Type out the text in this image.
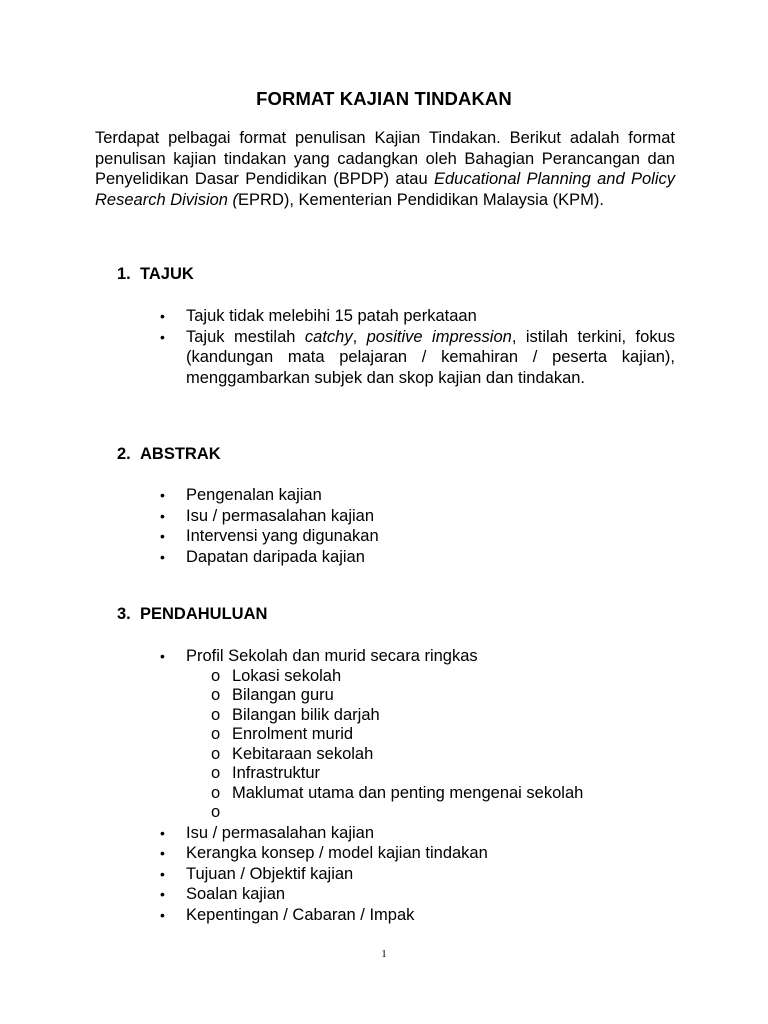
FORMAT KAJIAN TINDAKAN
Terdapat pelbagai format penulisan Kajian Tindakan. Berikut adalah format penulisan kajian tindakan yang cadangkan oleh Bahagian Perancangan dan Penyelidikan Dasar Pendidikan (BPDP) atau Educational Planning and Policy Research Division (EPRD), Kementerian Pendidikan Malaysia (KPM).
1. TAJUK
•	Tajuk tidak melebihi 15 patah perkataan
•	Tajuk mestilah catchy, positive impression, istilah terkini, fokus (kandungan mata pelajaran / kemahiran / peserta kajian), menggambarkan subjek dan skop kajian dan tindakan.
2. ABSTRAK
•	Pengenalan kajian
•	Isu / permasalahan kajian
•	Intervensi yang digunakan
•	Dapatan daripada kajian
3. PENDAHULUAN
•	Profil Sekolah dan murid secara ringkas
o Lokasi sekolah
o Bilangan guru
o Bilangan bilik darjah
o Enrolment murid
o Kebitaraan sekolah
o Infrastruktur
o Maklumat utama dan penting mengenai sekolah
o
•	Isu / permasalahan kajian
•	Kerangka konsep / model kajian tindakan
•	Tujuan / Objektif kajian
•	Soalan kajian
•	Kepentingan / Cabaran / Impak
1
